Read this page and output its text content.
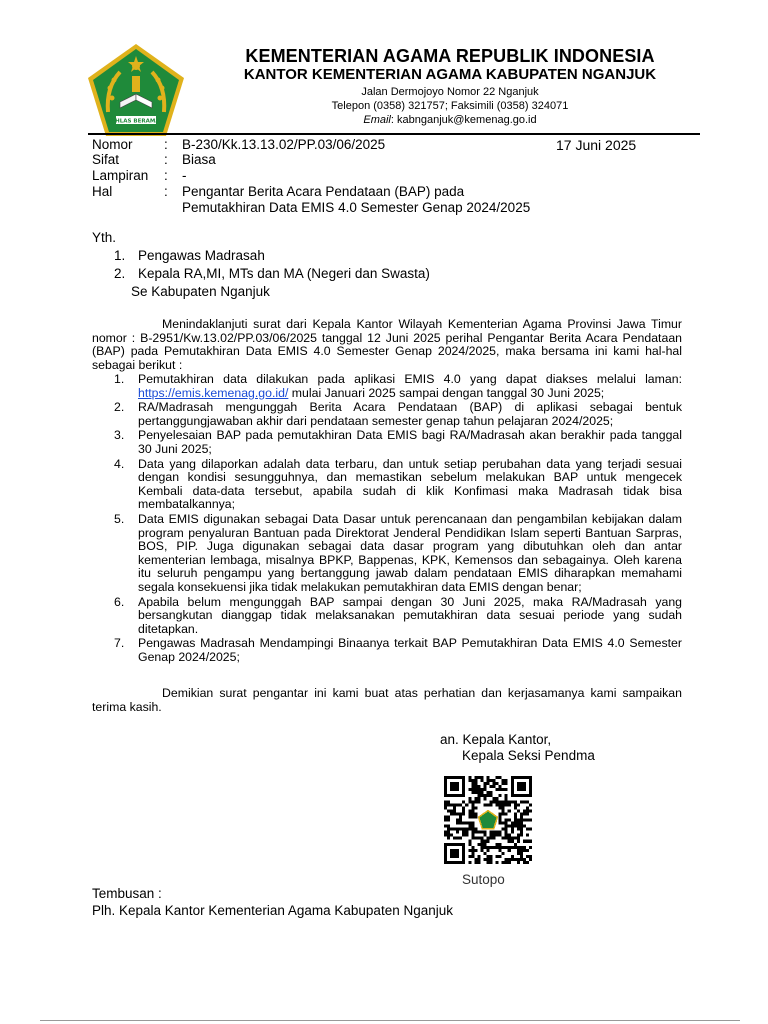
IKHLAS BERAMAL
KEMENTERIAN AGAMA REPUBLIK INDONESIA
KANTOR KEMENTERIAN AGAMA KABUPATEN NGANJUK
Jalan Dermojoyo Nomor 22 Nganjuk
Telepon (0358) 321757; Faksimili (0358) 324071
Email: kabnganjuk@kemenag.go.id
Nomor : B-230/Kk.13.13.02/PP.03/06/2025	17 Juni 2025
Sifat	: Biasa
Lampiran : -
Hal	: Pengantar Berita Acara Pendataan (BAP) pada
Pemutakhiran Data EMIS 4.0 Semester Genap 2024/2025
Yth.
1. Pengawas Madrasah
2. Kepala RA,MI, MTs dan MA (Negeri dan Swasta)
Se Kabupaten Nganjuk
Menindaklanjuti surat dari Kepala Kantor Wilayah Kementerian Agama Provinsi Jawa Timur nomor : B-2951/Kw.13.02/PP.03/06/2025 tanggal 12 Juni 2025 perihal Pengantar Berita Acara Pendataan (BAP) pada Pemutakhiran Data EMIS 4.0 Semester Genap 2024/2025, maka bersama ini kami hal-hal sebagai berikut :
1. Pemutakhiran data dilakukan pada aplikasi EMIS 4.0 yang dapat diakses melalui laman: https://emis.kemenag.go.id/ mulai Januari 2025 sampai dengan tanggal 30 Juni 2025;
2. RA/Madrasah mengunggah Berita Acara Pendataan (BAP) di aplikasi sebagai bentuk pertanggungjawaban akhir dari pendataan semester genap tahun pelajaran 2024/2025;
3. Penyelesaian BAP pada pemutakhiran Data EMIS bagi RA/Madrasah akan berakhir pada tanggal 30 Juni 2025;
4. Data yang dilaporkan adalah data terbaru, dan untuk setiap perubahan data yang terjadi sesuai dengan kondisi sesungguhnya, dan memastikan sebelum melakukan BAP untuk mengecek Kembali data-data tersebut, apabila sudah di klik Konfimasi maka Madrasah tidak bisa membatalkannya;
5. Data EMIS digunakan sebagai Data Dasar untuk perencanaan dan pengambilan kebijakan dalam program penyaluran Bantuan pada Direktorat Jenderal Pendidikan Islam seperti Bantuan Sarpras, BOS, PIP. Juga digunakan sebagai data dasar program yang dibutuhkan oleh dan antar kementerian lembaga, misalnya BPKP, Bappenas, KPK, Kemensos dan sebagainya. Oleh karena itu seluruh pengampu yang bertanggung jawab dalam pendataan EMIS diharapkan memahami segala konsekuensi jika tidak melakukan pemutakhiran data EMIS dengan benar;
6. Apabila belum mengunggah BAP sampai dengan 30 Juni 2025, maka RA/Madrasah yang bersangkutan dianggap tidak melaksanakan pemutakhiran data sesuai periode yang sudah ditetapkan.
7. Pengawas Madrasah Mendampingi Binaanya terkait BAP Pemutakhiran Data EMIS 4.0 Semester Genap 2024/2025;
Demikian surat pengantar ini kami buat atas perhatian dan kerjasamanya kami sampaikan terima kasih.
an. Kepala Kantor,
Kepala Seksi Pendma
Sutopo
Tembusan :
Plh. Kepala Kantor Kementerian Agama Kabupaten Nganjuk
